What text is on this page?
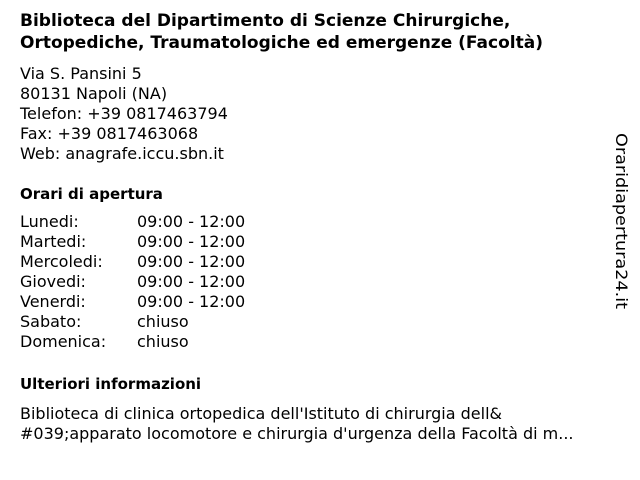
Biblioteca del Dipartimento di Scienze Chirurgiche,
Ortopediche, Traumatologiche ed emergenze (Facoltà)
Via S. Pansini 5
80131 Napoli (NA)
Telefon: +39 0817463794
Fax: +39 0817463068
Web: anagrafe.iccu.sbn.it
Orari di apertura
Lunedi:	09:00 - 12:00
Martedi:	09:00 - 12:00
Mercoledi: 09:00 - 12:00
Giovedi:	09:00 - 12:00
Venerdi:	09:00 - 12:00
Sabato:	chiuso
Domenica: chiuso
Ulteriori informazioni
Biblioteca di clinica ortopedica dell'Istituto di chirurgia dell&
#039;apparato locomotore e chirurgia d'urgenza della Facoltà di m...
Oraridiapertura24.it
